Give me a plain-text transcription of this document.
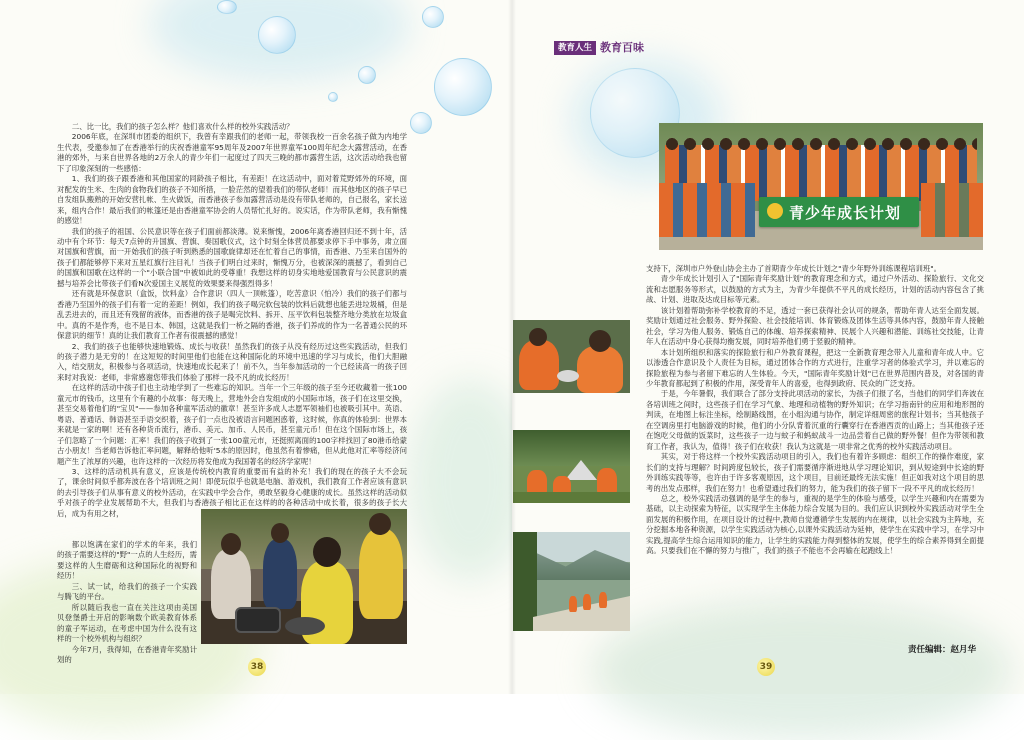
二、比一比，我们的孩子怎么样？他们喜欢什么样的校外实践活动？

2006年底，在深圳市团委的组织下，我曾有幸跟我们的老师一起，带领我校一百余名孩子做为内地学生代表，受邀参加了在香港举行的庆祝香港童军95周年及2007年世界童军100周年纪念大露营活动，在香港的郊外，与来自世界各地的2万余人的青少年们一起度过了四天三晚的都市露营生活，这次活动给我也留下了印象深刻的一些感悟：

1、我们的孩子跟香港和其他国家的同龄孩子相比，有差距！在这活动中，面对着荒野郊外的环境，面对配发的生米、生肉的食物我们的孩子不知所措，一脸茫然的望着我们的带队老师！而其他地区的孩子早已自发组队搬熟的开始安营扎帐、生火做饭，而香港孩子参加露营活动是没有带队老师的，自己报名，家长送来，组内合作！最后我们的帐篷还是由香港童军协会的人员帮忙扎好的。说实话，作为带队老师，我有惭愧的感觉！

我们的孩子的祖国、公民意识等在孩子们面前都淡薄。说来惭愧，2006年离香港回归还不到十年，活动中有个环节：每天7点钟的升国旗、营旗、奏国歌仪式，这个时刻全体营员都要求停下手中事务，肃立面对国旗和营旗，而一开始我们的孩子听到熟悉的国歌旋律却还在忙着自己的事情，而香港、乃至来自国外的孩子们都能够停下来对五星红旗行注目礼！当孩子们明白过来时，惭愧万分，也被深深的震撼了，看到自己的国旗和国歌在这样的一个"小联合国"中被如此的受尊重！我想这样的切身实地地爱国教育与公民意识的震撼与培养会比带孩子们看N次爱国主义展览的效果要来得强烈得多！

还有就是环保意识（盒饭，饮料盒）合作意识（四人一顶帐篷），吃苦意识（怕冷）我们的孩子们都与香港乃至国外的孩子们有着一定的差距！例如，我们的孩子喝完软包装的饮料后就想也能丢进垃圾桶，但是乱丢进去的，而且还有残留的液体，而香港的孩子是喝完饮料、拆开、压平饮料包装整齐地分类放在垃圾盒中。真的不是作秀，也不是日本、韩国，这就是我们一桥之隔的香港，孩子们养成的作为一名普通公民的环保意识的细节！真的让我们教育工作者有很震撼的感觉！

2、我们的孩子也能够快速地锻炼、成长与收获！虽然我们的孩子从没有经历过这些实践活动，但我们的孩子潜力是无穷的！在这短短的时间里他们也能在这种国际化的环境中迅速的学习与成长，他们大胆融入，结交朋友，积极参与各项活动，快速地成长起来了！前不久，当年参加活动的一个已经读高一的孩子回来时对我说：老师，非常感谢您带我们体验了那样一段不凡的成长经历！

在这样的活动中孩子们也主动地学到了一些难忘的知识。当年一个三年级的孩子至今还收藏着一张100童元市的钱币，这里有个有趣的小故事：每天晚上，营地外会自发组成的小国际市场，孩子们在这里交换，甚至交易着他们的"宝贝"——参加各种童军活动的徽章！甚至许多成人志愿军领袖们也被吸引其中。英语、粤语、普通话、韩语甚至手语交织着，孩子们一点也没被语言问题困惑着，这时候，你真的体验到：世界本来就是一家的啊！还有各种货币流行，港币、美元、加币、人民币，甚至童元币！但在这个国际市场上，孩子们忽略了一个问题：汇率！我们的孩子收到了一张100童元市，还挺照离面的100字样找回了80港币给蒙古小朋友！当老师告诉他汇率问题，解释给他听'5本的原因时，他虽然有着惨痛，但从此他对汇率等经济问题产生了浓厚的兴趣，也许这样的一次经历将发他成为我国著名的经济学家呢！

3、这样的活动机具有意义，应该是传统校内教育的重要而有益的补充！我们的现在的孩子大不会玩了，课余时间似乎都奔波在各个培训班之间！即使玩似乎也就是电脑、游戏机，我们教育工作者应该有意识的去引导孩子们从事有意义的校外活动，在实践中学会合作，勇敢坚毅身心健康的成长。虽然这样的活动似乎对孩子的学业发展帮助不大，但我们与香港孩子相比正在这样的的各种活动中成长着，很多的孩子长大后，成为有用之材，

都以饱满在家们的学术的年来，我们的孩子需要这样的"野"一点的人生经历，需要这样的人生磨砺和这种国际化的视野和经历！

三、试一试，给我们的孩子一个实践与腾飞的平台。

所以随后我也一直在关注这项由美国贝登堡爵士开启的影响数个欧美教育体系的童子军运动，在考虑中国为什么没有这样的一个校外机构与组织？

今年7月，我得知，在香港青年奖励计划的

38
教育人生 教育百味
青少年成长计划

支持下，深圳市户外登山协会主办了首期青少年成长计划之"青少年野外训练课程培训班"。

青少年成长计划引入了"国际青年奖励计划"的教育理念和方式，通过户外活动、探险旅行、文化交流和志愿服务等形式，以鼓励的方式为主，为青少年提供不平凡的成长经历，计划的活动内容包含了挑战、计划、进取及达成目标等元素。

该计划着帮助弥补学校教育的不足，透过一套已获得社会认可的规条，帮助年青人达至全面发展。奖励计划通过社会服务、野外探险、社会技能培训、体育锻炼及团体生活等具体内容，鼓励年青人接触社会，学习为他人服务、锻炼自己的体魄、培养探索精神、民展个人兴趣和潜能、训练社交技能，让青年人在活动中身心获得均衡发展，同时培养他们勇于竖毅的精神。

本计划所组织和落实的探险旅行和户外教育课程，把这一全新教育理念带入儿童和青年成人中。它以渗透合作意识及个人责任为目标，通过团体合作的方式进行，注重学习者的体验式学习，并以难忘的探险旅程为参与者留下难忘的人生体验。今天，"国际青年奖励计划"已在世界范围内普及，对各国的青少年教育都起到了积极的作用，深受青年人的喜爱，也得到政府、民众的广泛支持。

于是，今年暑假，我们联合了部分支持此项活动的家长，为孩子们报了名，当他们的同学们奔波在各培训班之间时，这些孩子们在学习气象、地理和动植物的野外知识；在学习指南针的应用和地形图的判读，在地图上标注坐标，绘制路线图，在小组沟通与协作，制定详细周密的旅程计划书；当其他孩子在空调房里打电脑游戏的时候，他们的小分队背着沉重的行囊穿行在香港西贡的山路上；当其他孩子还在饱吃父母做的饭菜时，这些孩子一边与蚊子和蚂蚁战斗一边品尝着自己做的野外餐！但作为带领和教育工作者，我认为，值得！孩子们在收获！我认为这就是一项非常之优秀的校外实践活动项目。

其实，对于将这样一个校外实践活动项目的引入，我们也有着许多顾虑：组织工作的操作难度，家长们的支持与理解？时间跨度包较长，孩子们需要循序渐进地从学习理论知识，到从短途到中长途的野外训练实践等等，也许由于许多客观原因，这个项目，目前还最终无法实施！但正如我对这个项目的思考的出发点那样，我们在努力！也希望通过我们的努力，能为我们的孩子留下一段不平凡的成长经历！

总之，校外实践活动强调的是学生的参与，重视的是学生的体验与感受，以学生兴趣和内在需要为基础，以主动探索为特征，以实现学生主体能力综合发展为目的。我们应认识到校外实践活动对学生全面发展的积极作用，在项目设计的过程中,教师自觉遵循学生发展的内在规律，以社会实践为主阵地，充分挖掘本地各种资源，以学生实践活动为核心,以课外实践活动为延伸，使学生在实践中学习，在学习中实践,提高学生综合运用知识的能力，让学生的实践能力得到整体的发展，使学生的综合素养得到全面提高。只要我们在不懈的努力与推广，我们的孩子不能也不会再输在起跑线上！

责任编辑：赵月华
39
